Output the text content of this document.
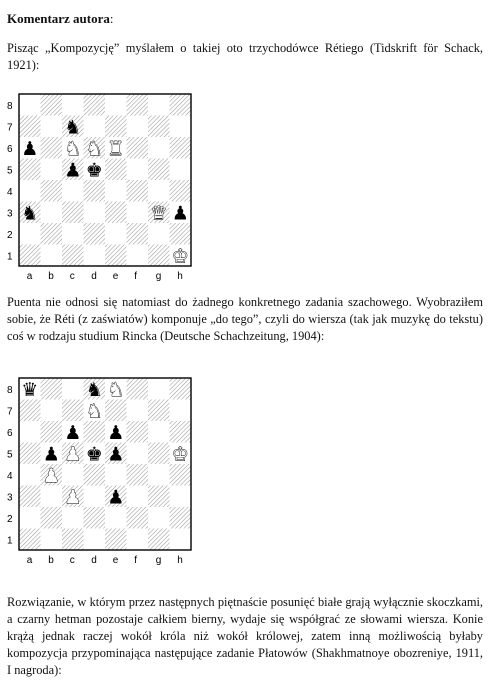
Komentarz autora:

Pisząc „Kompozycję” myślałem o takiej oto trzychodówce Rétiego (Tidskrift för Schack, 1921):

8
7
6
5
4
3
2
1
a b c d e f g h
♞
♟ ♞ ♞ ♜
♟ ♚
♞	♛ ♟
♚

Puenta nie odnosi się natomiast do żadnego konkretnego zadania szachowego. Wyobraziłem sobie, że Réti (z zaświatów) komponuje „do tego”, czyli do wiersza (tak jak muzykę do tekstu) coś w rodzaju studium Rincka (Deutsche Schachzeitung, 1904):

8
7
6
5
4
3
2
1
a b c d e f g h
♛ ♞ ♞
♞
♟ ♟
♟ ♟ ♚ ♟ ♚
♟
♟ ♟

Rozwiązanie, w którym przez następnych piętnaście posunięć białe grają wyłącznie skoczkami, a czarny hetman pozostaje całkiem bierny, wydaje się współgrać ze słowami wiersza. Konie krążą jednak raczej wokół króla niż wokół królowej, zatem inną możliwością byłaby kompozycja przypominająca następujące zadanie Płatowów (Shakhmatnoye obozreniye, 1911, I nagroda):
